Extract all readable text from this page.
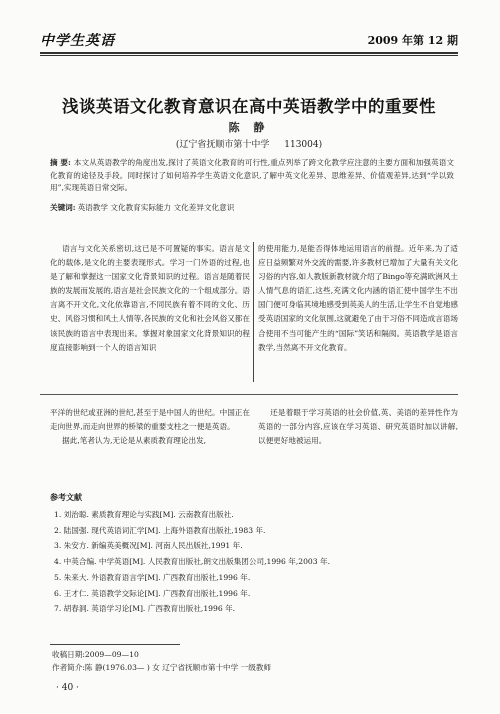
中学生英语	2009 年第 12 期
浅谈英语文化教育意识在高中英语教学中的重要性
陈 静
(辽宁省抚顺市第十中学 113004)
摘 要: 本文从英语教学的角度出发,探讨了英语文化教育的可行性,重点列举了跨文化教学应注意的主要方面和加强英语文化教育的途径及手段。同时探讨了如何培养学生英语文化意识,了解中英文化差异、思维差异、价值观差异,达到“学以致用”,实现英语日常交际。
关键词: 英语教学 文化教育实际能力 文化差异文化意识
语言与文化关系密切,这已是不可置疑的事实。语言是文化的载体,是文化的主要表现形式。学习一门外语的过程,也是了解和掌握这一国家文化背景知识的过程。语言是随着民族的发展而发展的,语言是社会民族文化的一个组成部分。语言离不开文化,文化依靠语言,不同民族有着不同的文化、历史、风俗习惯和风土人情等,各民族的文化和社会风俗又都在该民族的语言中表现出来。掌握对象国家文化背景知识的程度直接影响到一个人的语言知识
的使用能力,是能否得体地运用语言的前提。近年来,为了适应日益频繁对外交流的需要,许多教材已增加了大量有关文化习俗的内容,如人教版新教材就介绍了Bingo等充满欧洲风土人情气息的语汇,这些,充满文化内涵的语汇使中国学生不出国门便可身临其境地感受到英美人的生活,让学生不自觉地感受英语国家的文化氛围,这就避免了由于习俗不同造成言语场合使用不当可能产生的“国际”笑话和隔阂。英语教学是语言教学,当然离不开文化教育。

平洋的世纪或亚洲的世纪,甚至于是中国人的世纪。中国正在走向世界,而走向世界的桥梁的重要支柱之一便是英语。

据此,笔者认为,无论是从素质教育理论出发,

还是着眼于学习英语的社会价值,英、美语的差异性作为英语的一部分内容,应该在学习英语、研究英语时加以讲解,以便更好地被运用。
参考文献
1. 刘治聪. 素质教育理论与实践[M]. 云南教育出版社.
2. 陆国强. 现代英语词汇学[M]. 上海外语教育出版社,1983 年.
3. 朱安方. 新编英美概况[M]. 河南人民出版社,1991 年.
4. 中英合编. 中学英语[M]. 人民教育出版社,朗文出版集团公司,1996 年,2003 年.
5. 朱来大. 外语教育语言学[M]. 广西教育出版社,1996 年.
6. 王才仁. 英语教学交际论[M]. 广西教育出版社,1996 年.
7. 胡春洞. 英语学习论[M]. 广西教育出版社,1996 年.
收稿日期:2009—09—10
作者简介:陈 静(1976.03— ) 女 辽宁省抚顺市第十中学 一级教师
· 40 ·
